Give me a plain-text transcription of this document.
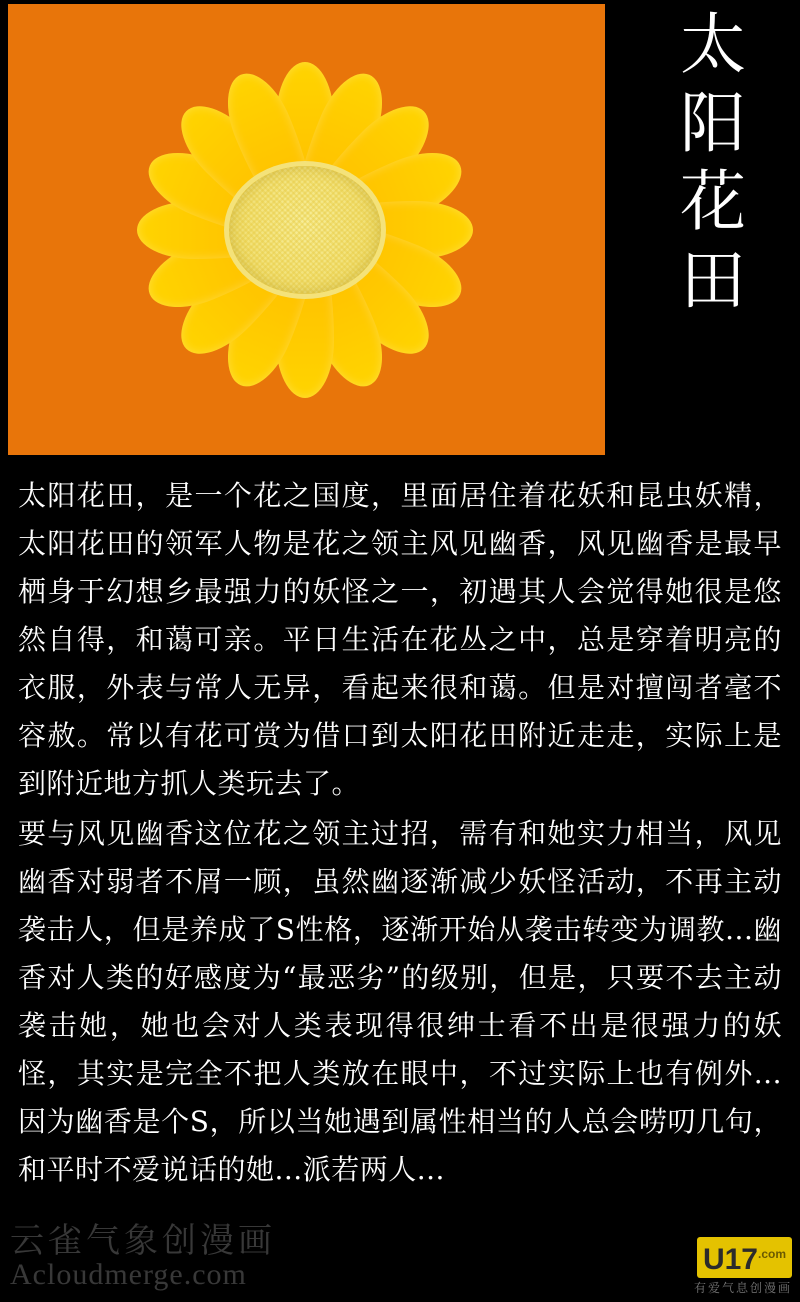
太
阳
花
田

太阳花田，是一个花之国度，里面居住着花妖和昆虫妖精，太阳花田的领军人物是花之领主风见幽香，风见幽香是最早栖身于幻想乡最强力的妖怪之一，初遇其人会觉得她很是悠然自得，和蔼可亲。平日生活在花丛之中，总是穿着明亮的衣服，外表与常人无异，看起来很和蔼。但是对擅闯者毫不容赦。常以有花可赏为借口到太阳花田附近走走，实际上是到附近地方抓人类玩去了。

要与风见幽香这位花之领主过招，需有和她实力相当，风见幽香对弱者不屑一顾，虽然幽逐渐减少妖怪活动，不再主动袭击人，但是养成了S性格，逐渐开始从袭击转变为调教...幽香对人类的好感度为“最恶劣”的级别，但是，只要不去主动袭击她，她也会对人类表现得很绅士看不出是很强力的妖怪，其实是完全不把人类放在眼中，不过实际上也有例外...因为幽香是个S，所以当她遇到属性相当的人总会唠叨几句，和平时不爱说话的她...派若两人...

云雀气象创漫画
Acloudmerge.com	$U17^{.com}$
有爱气息创漫画
